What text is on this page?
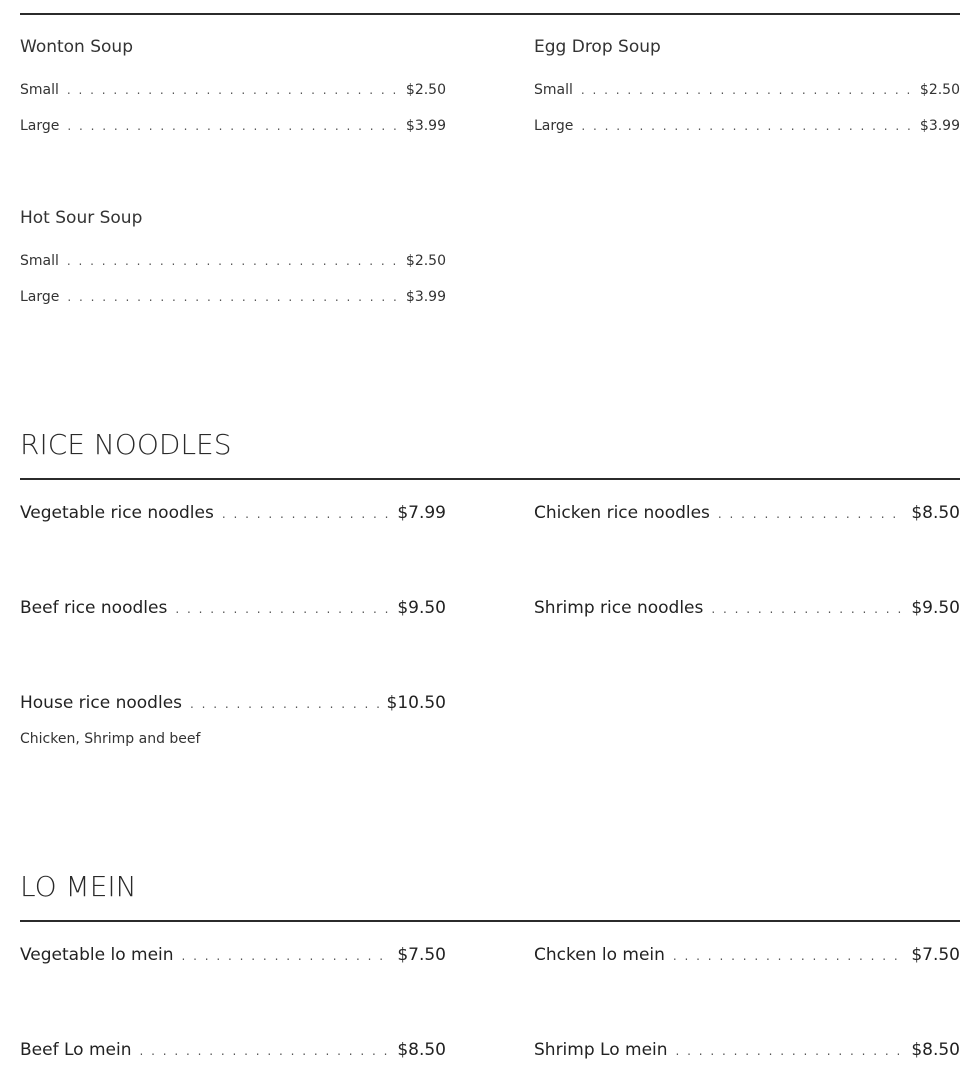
Wonton Soup
Small . . .	$2.50
Large . . .	$3.99
Egg Drop Soup
Small . . .	$2.50
Large . . .	$3.99
Hot Sour Soup
Small . . .	$2.50
Large . . .	$3.99
RICE NOODLES
Vegetable rice noodles . . .	$7.99	Chicken rice noodles . . .	$8.50
Beef rice noodles . . .	$9.50	Shrimp rice noodles . . .	$9.50
House rice noodles . . .	$10.50
Chicken, Shrimp and beef
LO MEIN
Vegetable lo mein . . .	$7.50	Chcken lo mein . . .	$7.50
Beef Lo mein . . .	$8.50	Shrimp Lo mein . . .	$8.50
